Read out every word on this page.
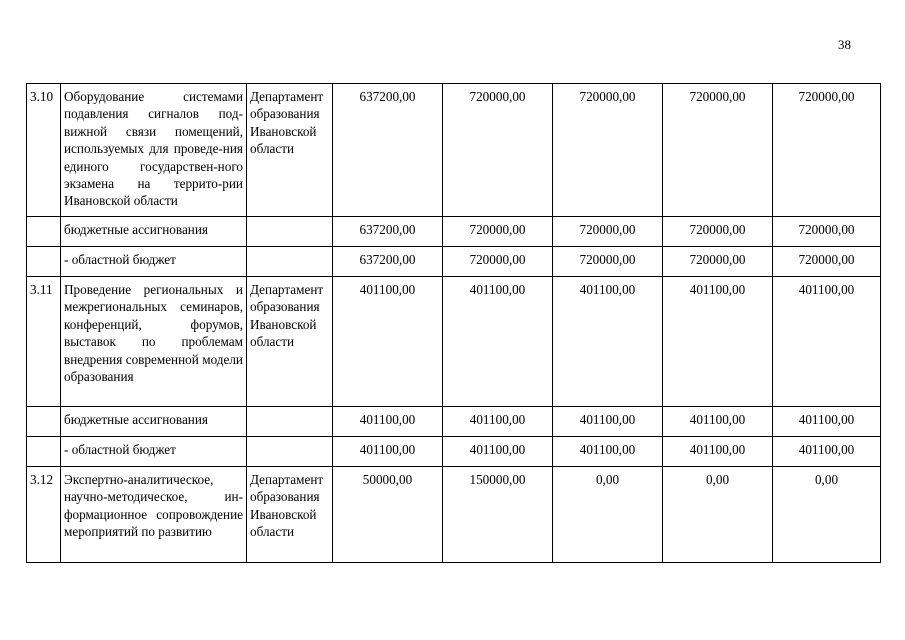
38
3.10	Оборудование системами подавления сигналов под-вижной связи помещений, используемых для проведе-ния единого государствен-ного экзамена на террито-рии Ивановской области	Департамент образования Ивановской области	637200,00	720000,00	720000,00	720000,00	720000,00
	бюджетные ассигнования		637200,00	720000,00	720000,00	720000,00	720000,00
	- областной бюджет		637200,00	720000,00	720000,00	720000,00	720000,00
3.11	Проведение региональных и межрегиональных семинаров, конференций, форумов, выставок по проблемам внедрения современной модели образования	Департамент образования Ивановской области	401100,00	401100,00	401100,00	401100,00	401100,00
	бюджетные ассигнования		401100,00	401100,00	401100,00	401100,00	401100,00
	- областной бюджет		401100,00	401100,00	401100,00	401100,00	401100,00
3.12	Экспертно-аналитическое, научно-методическое, ин-формационное сопровождение мероприятий по развитию	Департамент образования Ивановской области	50000,00	150000,00	0,00	0,00	0,00
